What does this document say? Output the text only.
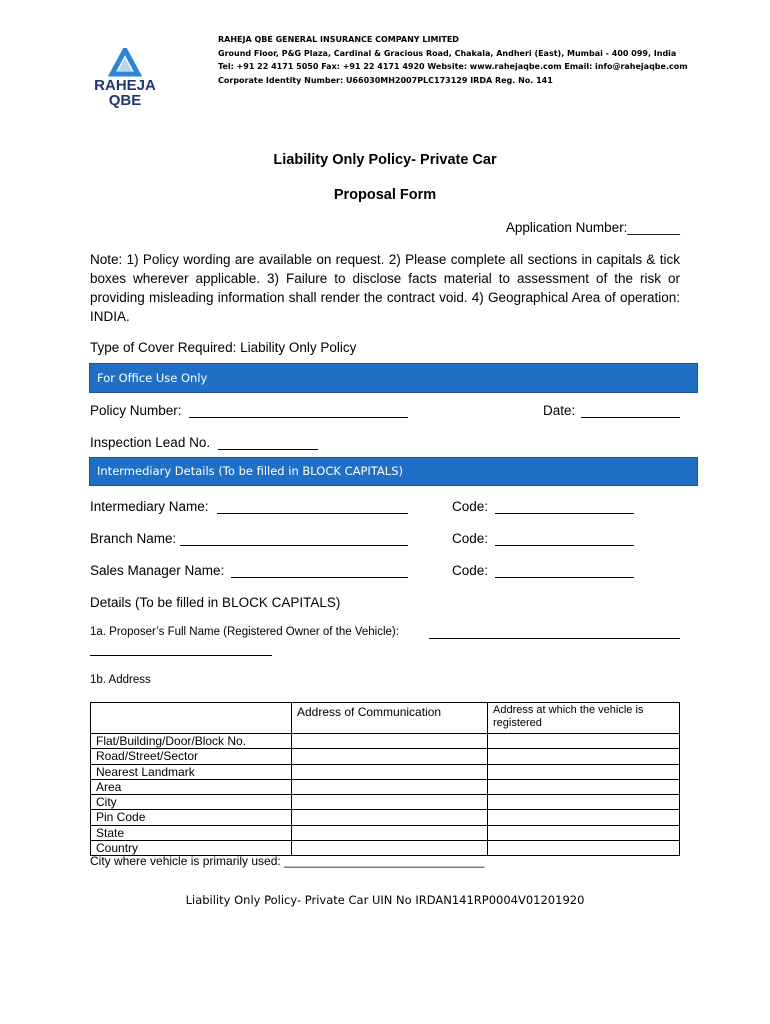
RAHEJA
QBE
RAHEJA QBE GENERAL INSURANCE COMPANY LIMITED
Ground Floor, P&G Plaza, Cardinal & Gracious Road, Chakala, Andheri (East), Mumbai - 400 099, India
Tel: +91 22 4171 5050 Fax: +91 22 4171 4920 Website: www.rahejaqbe.com Email: info@rahejaqbe.com
Corporate Identity Number: U66030MH2007PLC173129 IRDA Reg. No. 141
Liability Only Policy- Private Car
Proposal Form
Application Number:_______
Note: 1) Policy wording are available on request. 2) Please complete all sections in capitals & tick boxes wherever applicable. 3) Failure to disclose facts material to assessment of the risk or providing misleading information shall render the contract void. 4) Geographical Area of operation: INDIA.
Type of Cover Required: Liability Only Policy
For Office Use Only
Policy Number:	Date:
Inspection Lead No.
Intermediary Details (To be filled in BLOCK CAPITALS)
Intermediary Name:	Code:
Branch Name:	Code:
Sales Manager Name:	Code:
Details (To be filled in BLOCK CAPITALS)
1a. Proposer’s Full Name (Registered Owner of the Vehicle):
1b. Address
	Address of Communication	Address at which the vehicle is registered
Flat/Building/Door/Block No.		
Road/Street/Sector		
Nearest Landmark		
Area		
City		
Pin Code		
State		
Country		
City where vehicle is primarily used: ______________________________
Liability Only Policy- Private Car UIN No IRDAN141RP0004V01201920
